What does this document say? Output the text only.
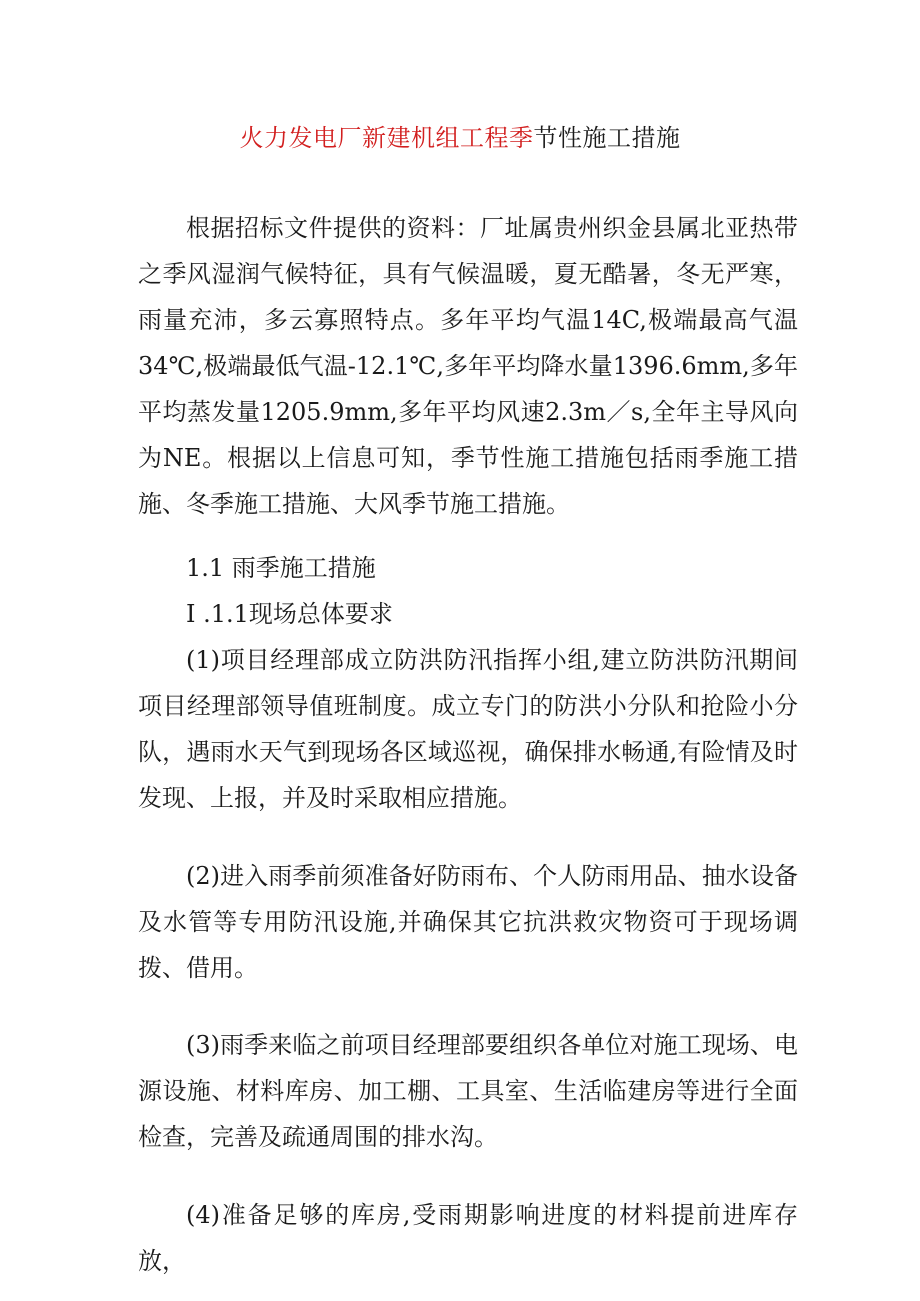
火力发电厂新建机组工程季节性施工措施

根据招标文件提供的资料：厂址属贵州织金县属北亚热带之季风湿润气候特征，具有气候温暖，夏无酷暑，冬无严寒，雨量充沛，多云寡照特点。多年平均气温14C,极端最高气温34℃,极端最低气温-12.1℃,多年平均降水量1396.6mm,多年平均蒸发量1205.9mm,多年平均风速2.3m／s,全年主导风向为NE。根据以上信息可知，季节性施工措施包括雨季施工措施、冬季施工措施、大风季节施工措施。

1.1 雨季施工措施

I .1.1现场总体要求

(1)项目经理部成立防洪防汛指挥小组,建立防洪防汛期间项目经理部领导值班制度。成立专门的防洪小分队和抢险小分队，遇雨水天气到现场各区域巡视，确保排水畅通,有险情及时发现、上报，并及时采取相应措施。

(2)进入雨季前须准备好防雨布、个人防雨用品、抽水设备及水管等专用防汛设施,并确保其它抗洪救灾物资可于现场调拨、借用。

(3)雨季来临之前项目经理部要组织各单位对施工现场、电源设施、材料库房、加工棚、工具室、生活临建房等进行全面检查，完善及疏通周围的排水沟。

(4)准备足够的库房,受雨期影响进度的材料提前进库存放，
